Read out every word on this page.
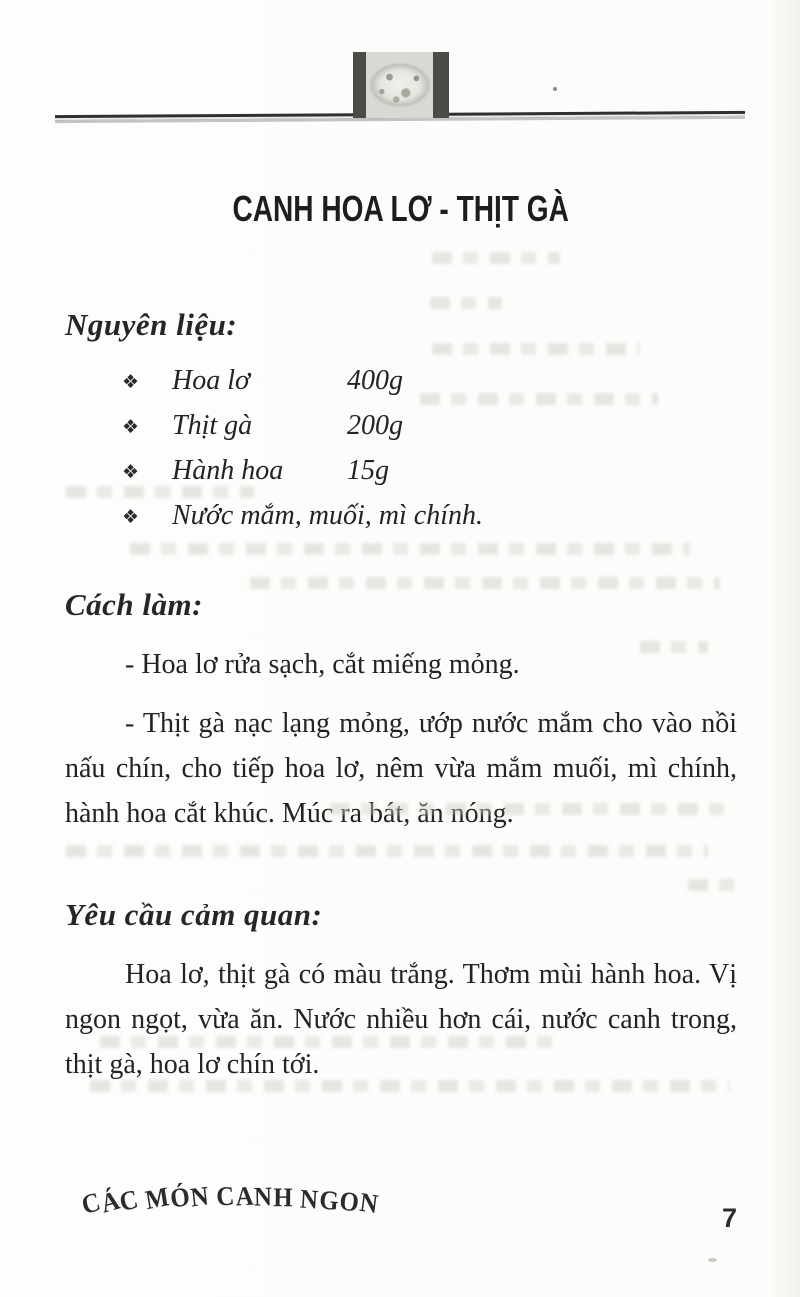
CANH HOA LƠ - THỊT GÀ
Nguyên liệu:
❖ Hoa lơ	400g
❖ Thịt gà	200g
❖ Hành hoa 15g
❖ Nước mắm, muối, mì chính.
Cách làm:

- Hoa lơ rửa sạch, cắt miếng mỏng.

- Thịt gà nạc lạng mỏng, ướp nước mắm cho vào nồi nấu chín, cho tiếp hoa lơ, nêm vừa mắm muối, mì chính, hành hoa cắt khúc. Múc ra bát, ăn nóng.

Yêu cầu cảm quan:

Hoa lơ, thịt gà có màu trắng. Thơm mùi hành hoa. Vị ngon ngọt, vừa ăn. Nước nhiều hơn cái, nước canh trong, thịt gà, hoa lơ chín tới.

CÁC MÓN CANH NGON	7
